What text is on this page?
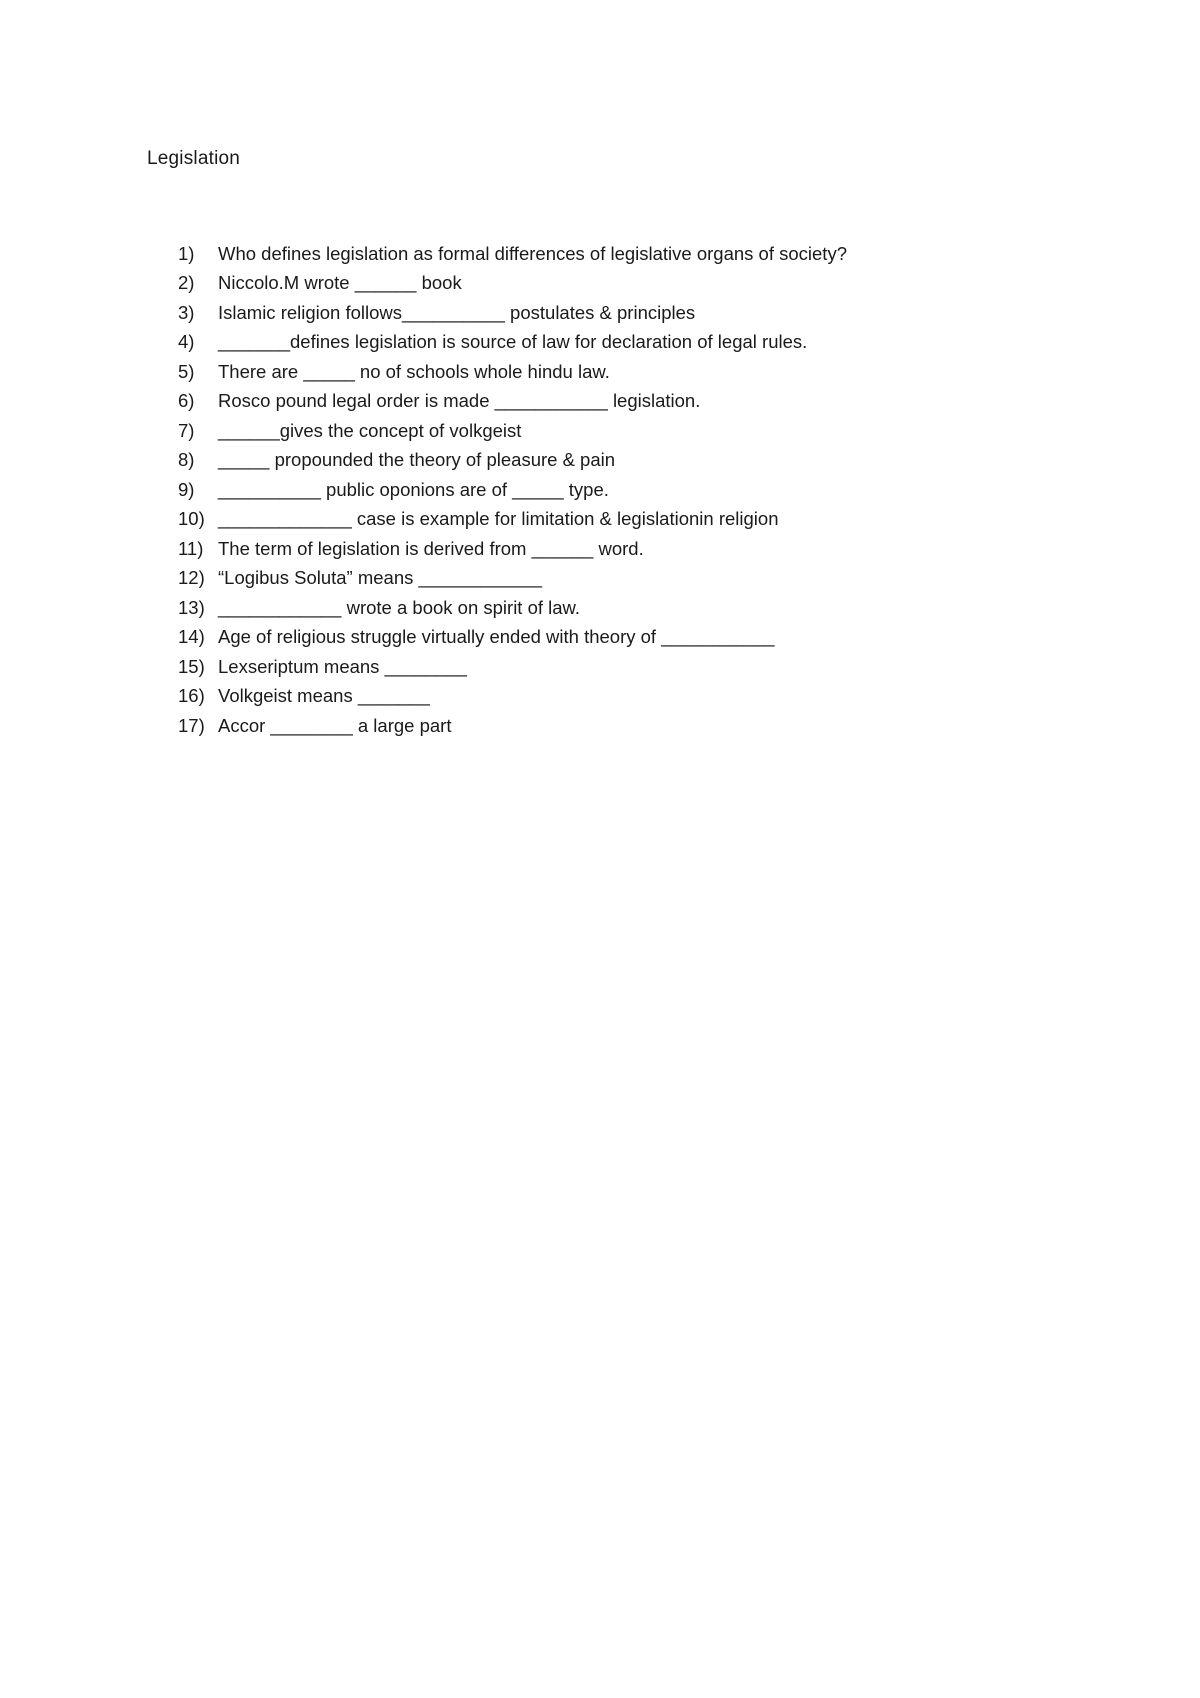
Legislation
1)	Who defines legislation as formal differences of legislative organs of society?
2)	Niccolo.M wrote ______ book
3)	Islamic religion follows__________ postulates & principles
4)	_______defines legislation is source of law for declaration of legal rules.
5)	There are _____ no of schools whole hindu law.
6)	Rosco pound legal order is made ___________ legislation.
7)	______gives the concept of volkgeist
8)	_____ propounded the theory of pleasure & pain
9)	__________ public oponions are of _____ type.
10) _____________ case is example for limitation & legislationin religion
11) The term of legislation is derived from ______ word.
12) “Logibus Soluta” means ____________
13) ____________ wrote a book on spirit of law.
14) Age of religious struggle virtually ended with theory of ___________
15) Lexseriptum means ________
16) Volkgeist means _______
17) Accor ________ a large part
